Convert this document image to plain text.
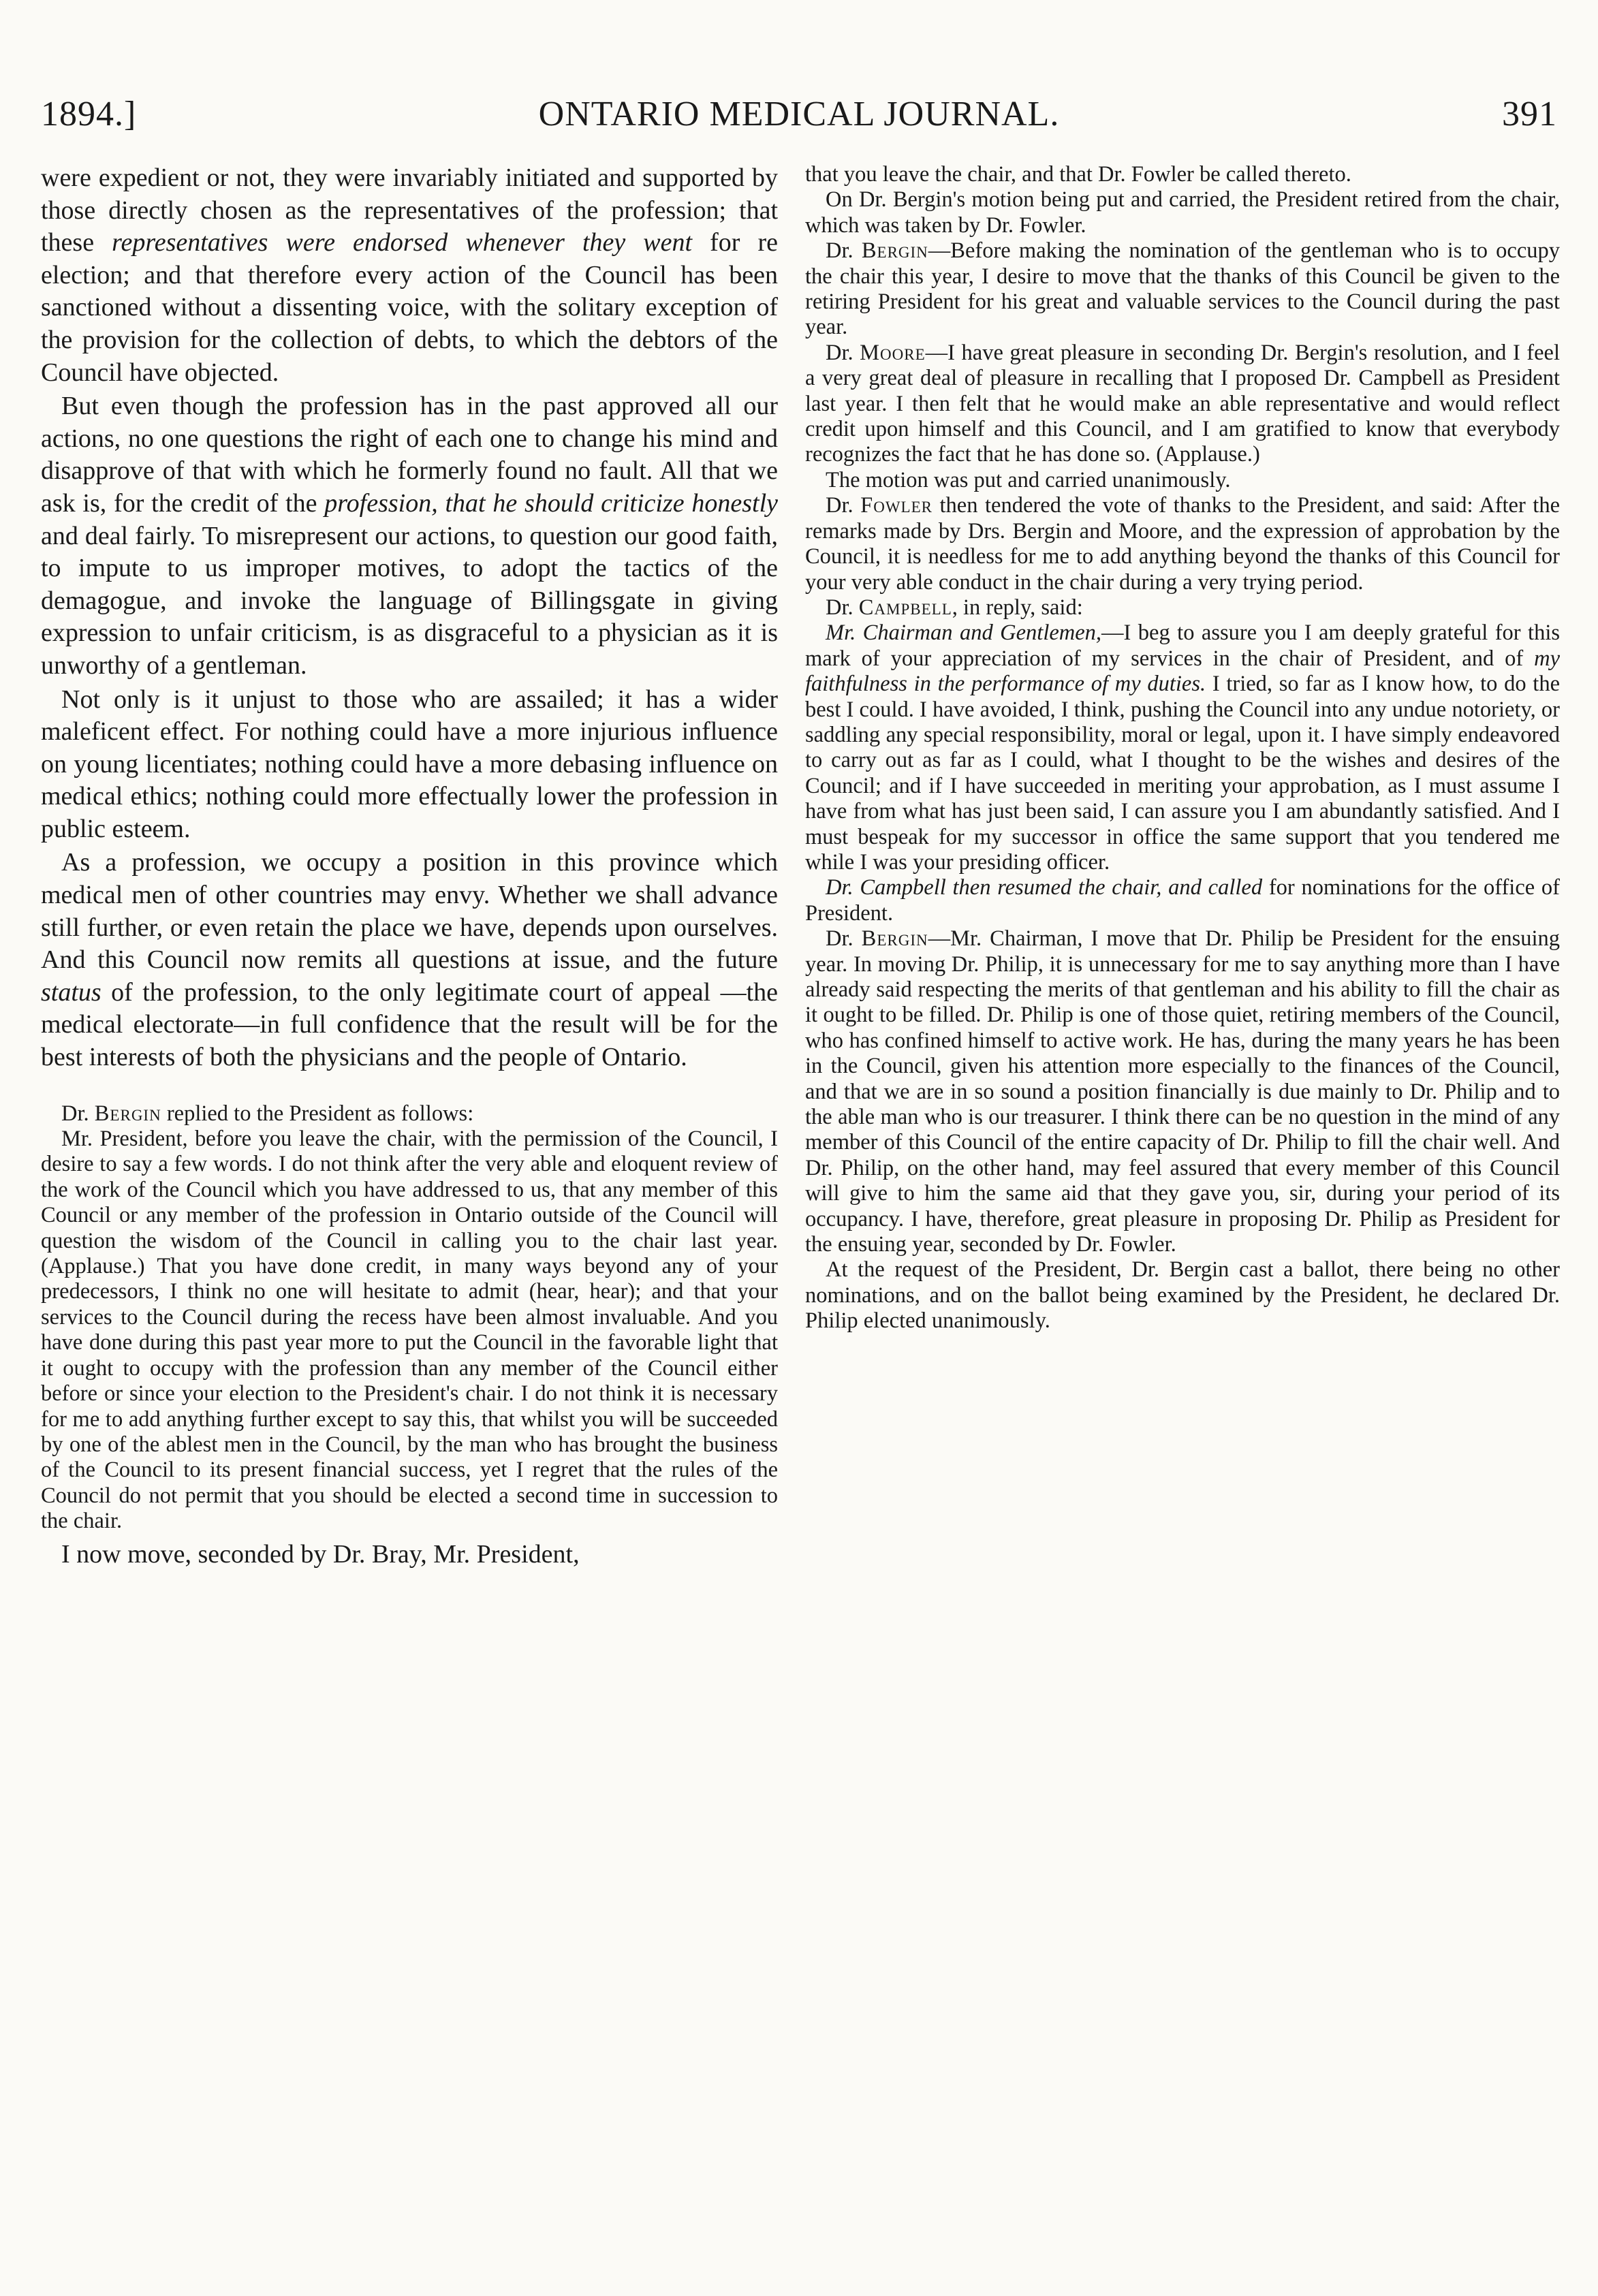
1894.]	ONTARIO MEDICAL JOURNAL.	391

were expedient or not, they were invariably initiated and supported by those directly chosen as the representatives of the profession; that these representatives were endorsed whenever they went for re election; and that therefore every action of the Council has been sanctioned without a dissenting voice, with the solitary exception of the provision for the collection of debts, to which the debtors of the Council have objected.

But even though the profession has in the past approved all our actions, no one questions the right of each one to change his mind and disapprove of that with which he formerly found no fault. All that we ask is, for the credit of the profession, that he should criticize honestly and deal fairly. To misrepresent our actions, to question our good faith, to impute to us improper motives, to adopt the tactics of the demagogue, and invoke the language of Billingsgate in giving expression to unfair criticism, is as disgraceful to a physician as it is unworthy of a gentleman.

Not only is it unjust to those who are assailed; it has a wider maleficent effect. For nothing could have a more injurious influence on young licentiates; nothing could have a more debasing influence on medical ethics; nothing could more effectually lower the profession in public esteem.

As a profession, we occupy a position in this province which medical men of other countries may envy. Whether we shall advance still further, or even retain the place we have, depends upon ourselves. And this Council now remits all questions at issue, and the future status of the profession, to the only legitimate court of appeal —the medical electorate—in full confidence that the result will be for the best interests of both the physicians and the people of Ontario.

Dr. Bergin replied to the President as follows:

Mr. President, before you leave the chair, with the permission of the Council, I desire to say a few words. I do not think after the very able and eloquent review of the work of the Council which you have addressed to us, that any member of this Council or any member of the profession in Ontario outside of the Council will question the wisdom of the Council in calling you to the chair last year. (Applause.) That you have done credit, in many ways beyond any of your predecessors, I think no one will hesitate to admit (hear, hear); and that your services to the Council during the recess have been almost invaluable. And you have done during this past year more to put the Council in the favorable light that it ought to occupy with the profession than any member of the Council either before or since your election to the President's chair. I do not think it is necessary for me to add anything further except to say this, that whilst you will be succeeded by one of the ablest men in the Council, by the man who has brought the business of the Council to its present financial success, yet I regret that the rules of the Council do not permit that you should be elected a second time in succession to the chair.

I now move, seconded by Dr. Bray, Mr. President,

that you leave the chair, and that Dr. Fowler be called thereto.

On Dr. Bergin's motion being put and carried, the President retired from the chair, which was taken by Dr. Fowler.

Dr. Bergin—Before making the nomination of the gentleman who is to occupy the chair this year, I desire to move that the thanks of this Council be given to the retiring President for his great and valuable services to the Council during the past year.

Dr. Moore—I have great pleasure in seconding Dr. Bergin's resolution, and I feel a very great deal of pleasure in recalling that I proposed Dr. Campbell as President last year. I then felt that he would make an able representative and would reflect credit upon himself and this Council, and I am gratified to know that everybody recognizes the fact that he has done so. (Applause.)

The motion was put and carried unanimously.

Dr. Fowler then tendered the vote of thanks to the President, and said: After the remarks made by Drs. Bergin and Moore, and the expression of approbation by the Council, it is needless for me to add anything beyond the thanks of this Council for your very able conduct in the chair during a very trying period.

Dr. Campbell, in reply, said:

Mr. Chairman and Gentlemen,—I beg to assure you I am deeply grateful for this mark of your appreciation of my services in the chair of President, and of my faithfulness in the performance of my duties. I tried, so far as I know how, to do the best I could. I have avoided, I think, pushing the Council into any undue notoriety, or saddling any special responsibility, moral or legal, upon it. I have simply endeavored to carry out as far as I could, what I thought to be the wishes and desires of the Council; and if I have succeeded in meriting your approbation, as I must assume I have from what has just been said, I can assure you I am abundantly satisfied. And I must bespeak for my successor in office the same support that you tendered me while I was your presiding officer.

Dr. Campbell then resumed the chair, and called for nominations for the office of President.

Dr. Bergin—Mr. Chairman, I move that Dr. Philip be President for the ensuing year. In moving Dr. Philip, it is unnecessary for me to say anything more than I have already said respecting the merits of that gentleman and his ability to fill the chair as it ought to be filled. Dr. Philip is one of those quiet, retiring members of the Council, who has confined himself to active work. He has, during the many years he has been in the Council, given his attention more especially to the finances of the Council, and that we are in so sound a position financially is due mainly to Dr. Philip and to the able man who is our treasurer. I think there can be no question in the mind of any member of this Council of the entire capacity of Dr. Philip to fill the chair well. And Dr. Philip, on the other hand, may feel assured that every member of this Council will give to him the same aid that they gave you, sir, during your period of its occupancy. I have, therefore, great pleasure in proposing Dr. Philip as President for the ensuing year, seconded by Dr. Fowler.

At the request of the President, Dr. Bergin cast a ballot, there being no other nominations, and on the ballot being examined by the President, he declared Dr. Philip elected unanimously.
